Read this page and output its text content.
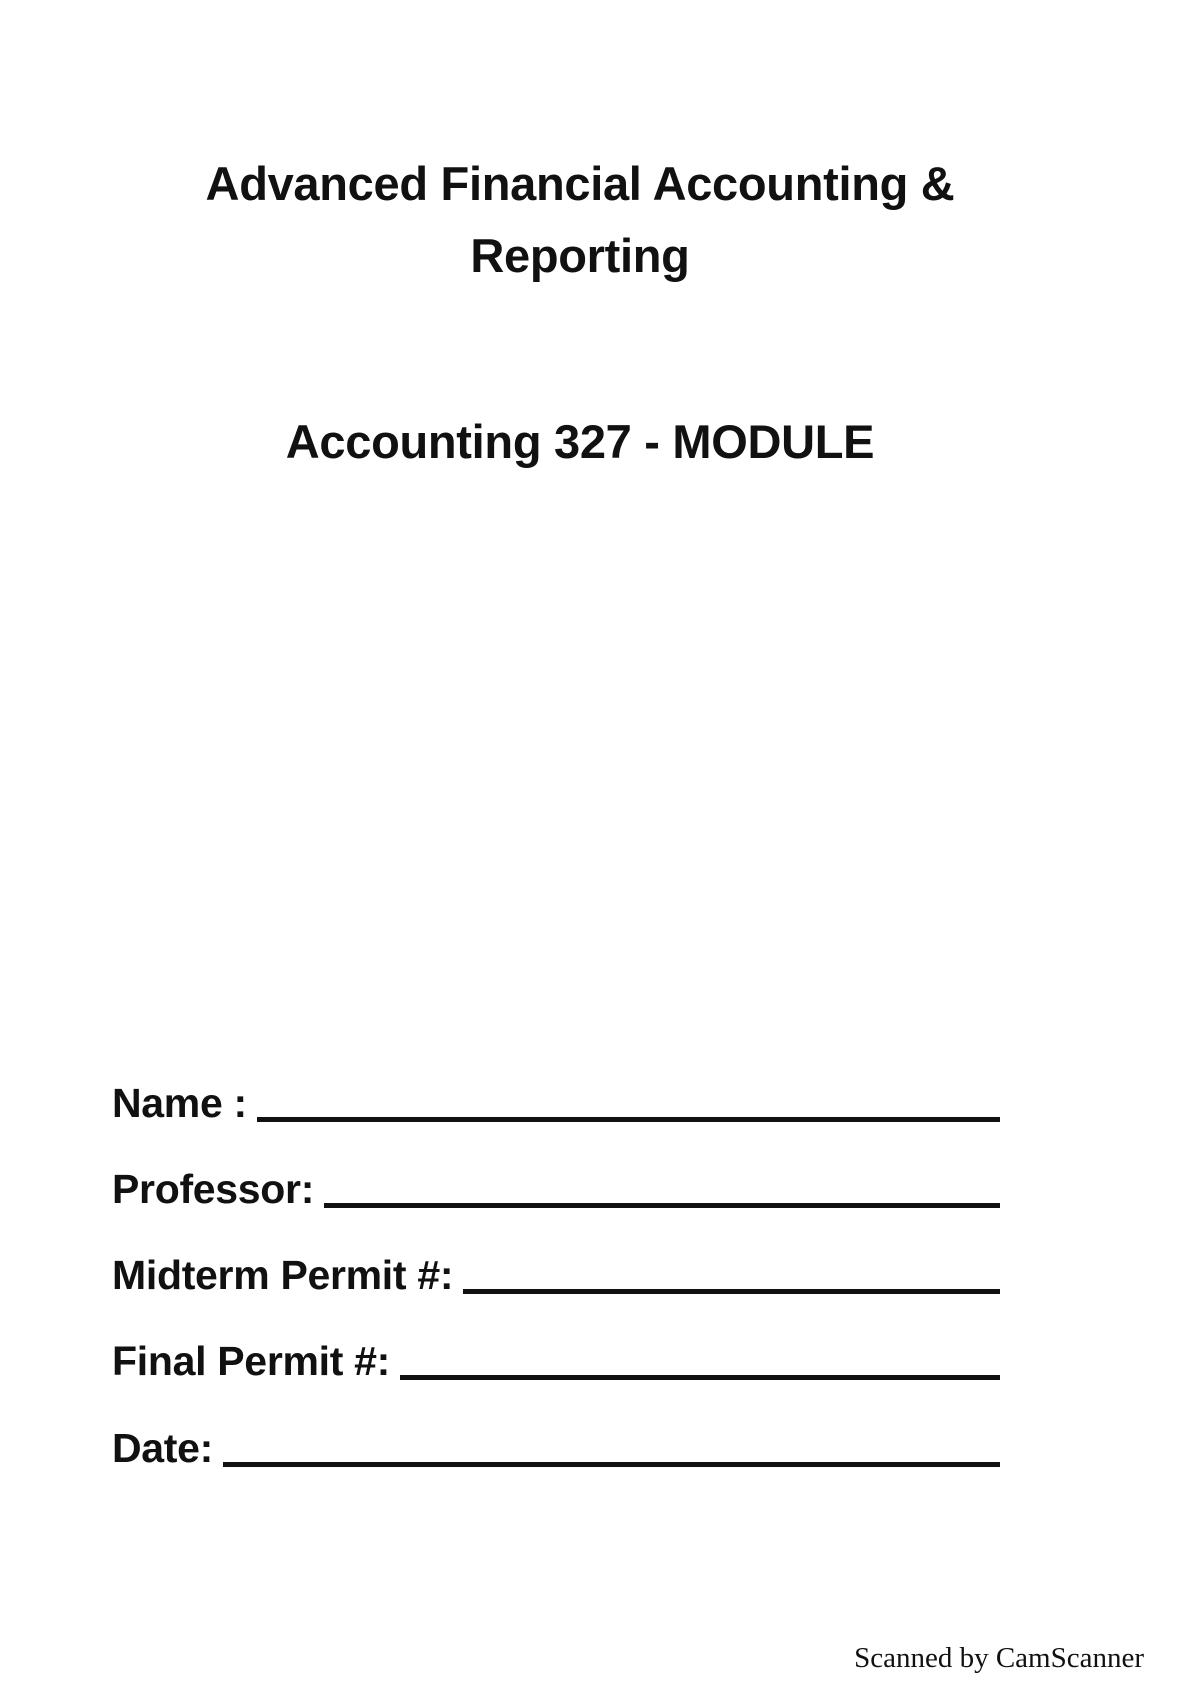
Advanced Financial Accounting &
Reporting
Accounting 327 - MODULE
Name :
Professor:
Midterm Permit #:
Final Permit #:
Date:
Scanned by CamScanner
